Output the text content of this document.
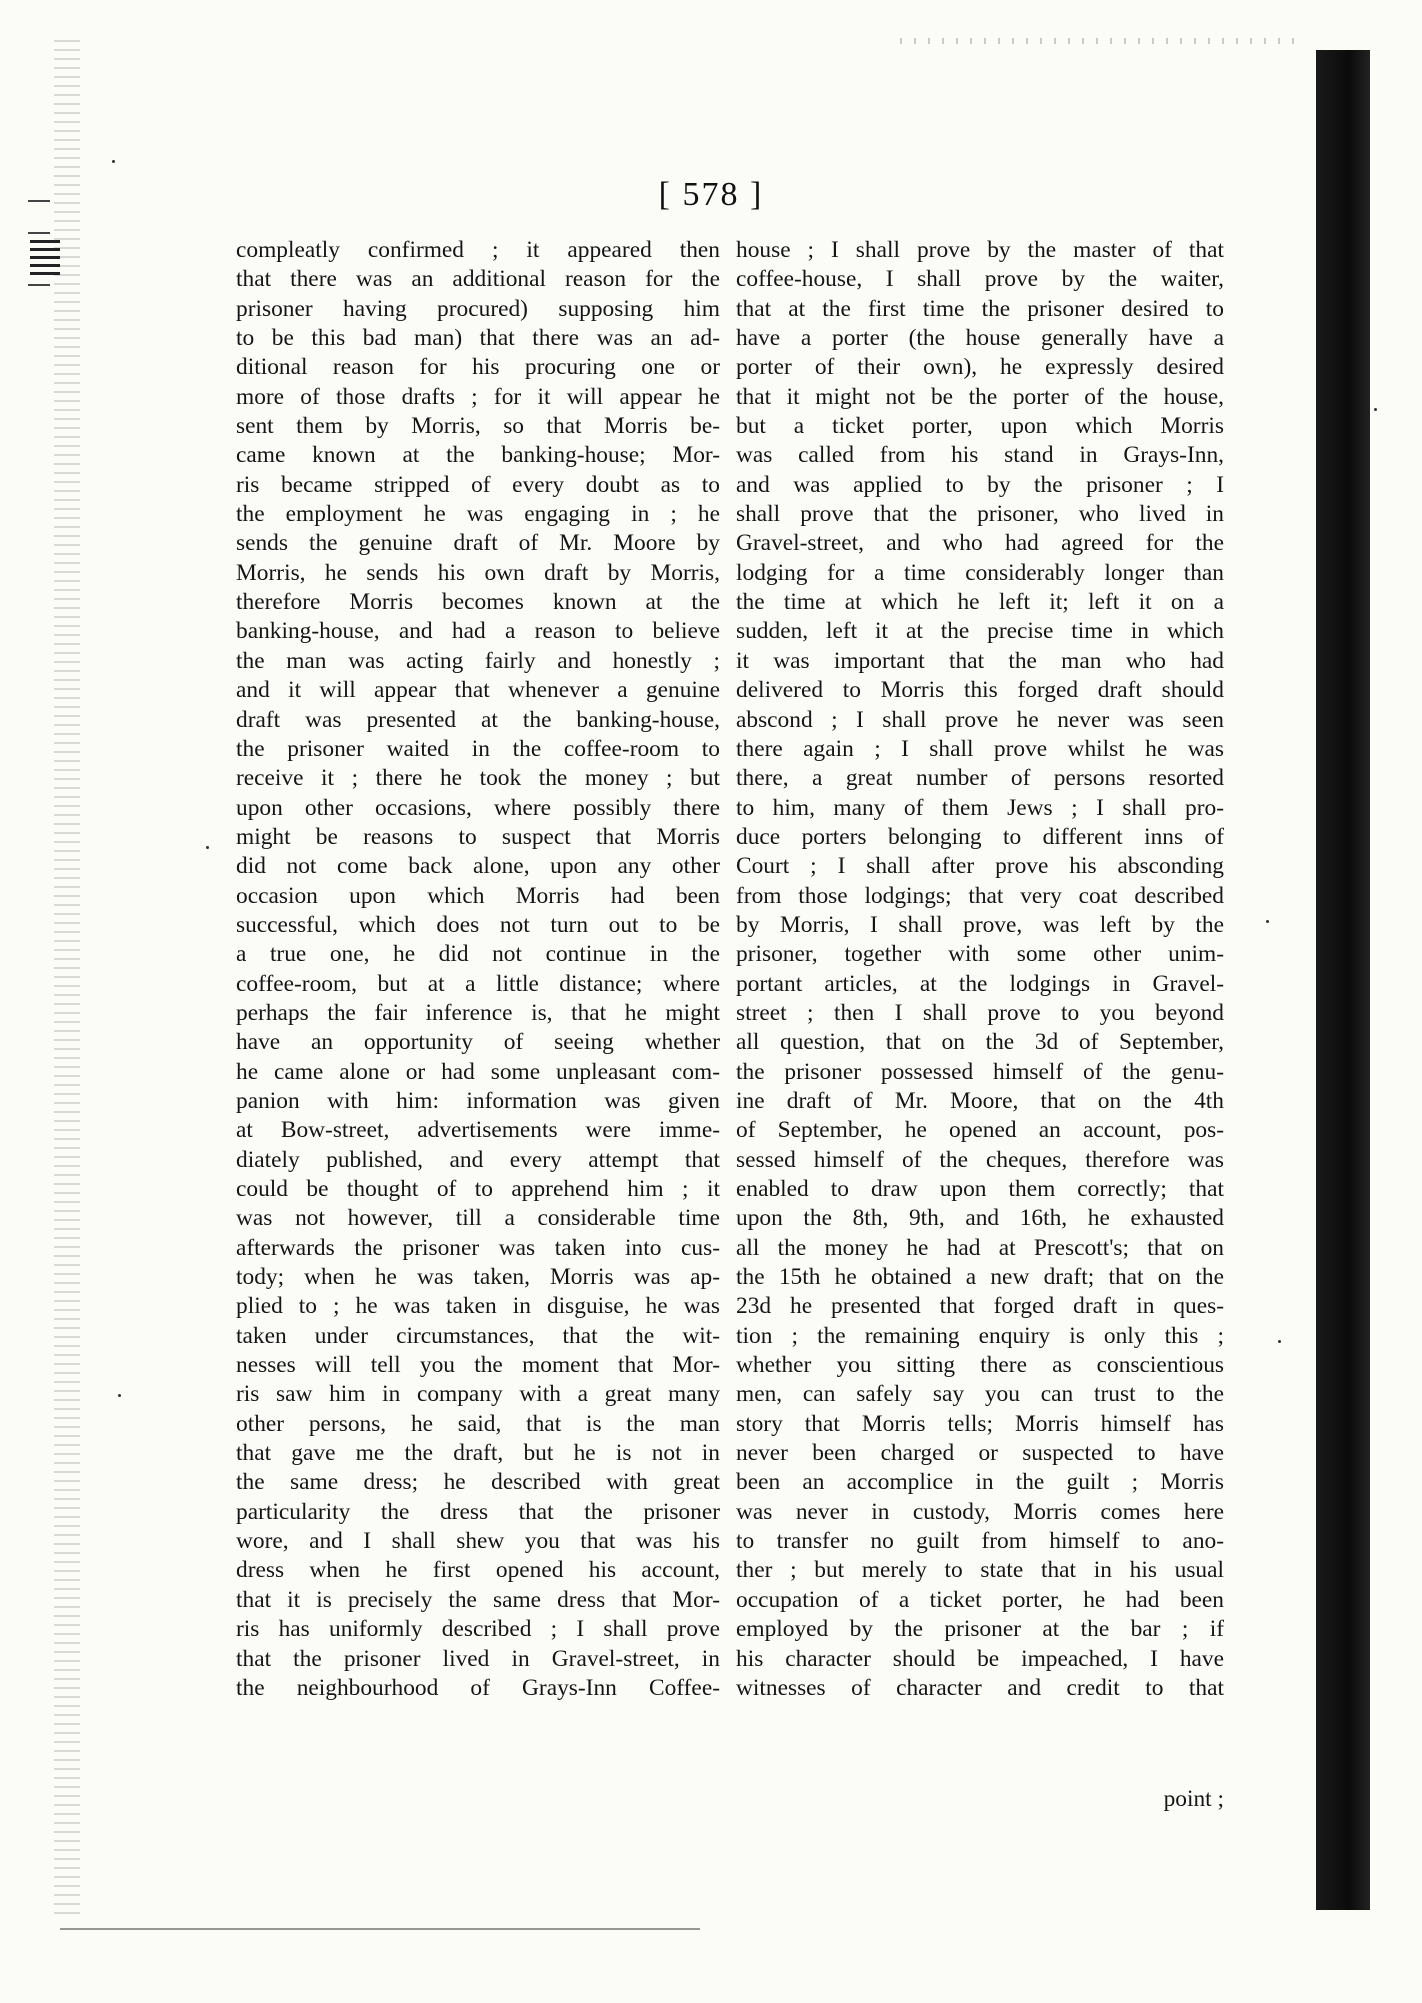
[ 578 ]
compleatly confirmed ; it appeared then
that there was an additional reason for the
prisoner having procured) supposing him
to be this bad man) that there was an ad-
ditional reason for his procuring one or
more of those drafts ; for it will appear he
sent them by Morris, so that Morris be-
came known at the banking-house; Mor-
ris became stripped of every doubt as to
the employment he was engaging in ; he
sends the genuine draft of Mr. Moore by
Morris, he sends his own draft by Morris,
therefore Morris becomes known at the
banking-house, and had a reason to believe
the man was acting fairly and honestly ;
and it will appear that whenever a genuine
draft was presented at the banking-house,
the prisoner waited in the coffee-room to
receive it ; there he took the money ; but
upon other occasions, where possibly there
might be reasons to suspect that Morris
did not come back alone, upon any other
occasion upon which Morris had been
successful, which does not turn out to be
a true one, he did not continue in the
coffee-room, but at a little distance; where
perhaps the fair inference is, that he might
have an opportunity of seeing whether
he came alone or had some unpleasant com-
panion with him: information was given
at Bow-street, advertisements were imme-
diately published, and every attempt that
could be thought of to apprehend him ; it
was not however, till a considerable time
afterwards the prisoner was taken into cus-
tody; when he was taken, Morris was ap-
plied to ; he was taken in disguise, he was
taken under circumstances, that the wit-
nesses will tell you the moment that Mor-
ris saw him in company with a great many
other persons, he said, that is the man
that gave me the draft, but he is not in
the same dress; he described with great
particularity the dress that the prisoner
wore, and I shall shew you that was his
dress when he first opened his account,
that it is precisely the same dress that Mor-
ris has uniformly described ; I shall prove
that the prisoner lived in Gravel-street, in
the neighbourhood of Grays-Inn Coffee-
house ; I shall prove by the master of that
coffee-house, I shall prove by the waiter,
that at the first time the prisoner desired to
have a porter (the house generally have a
porter of their own), he expressly desired
that it might not be the porter of the house,
but a ticket porter, upon which Morris
was called from his stand in Grays-Inn,
and was applied to by the prisoner ; I
shall prove that the prisoner, who lived in
Gravel-street, and who had agreed for the
lodging for a time considerably longer than
the time at which he left it; left it on a
sudden, left it at the precise time in which
it was important that the man who had
delivered to Morris this forged draft should
abscond ; I shall prove he never was seen
there again ; I shall prove whilst he was
there, a great number of persons resorted
to him, many of them Jews ; I shall pro-
duce porters belonging to different inns of
Court ; I shall after prove his absconding
from those lodgings; that very coat described
by Morris, I shall prove, was left by the
prisoner, together with some other unim-
portant articles, at the lodgings in Gravel-
street ; then I shall prove to you beyond
all question, that on the 3d of September,
the prisoner possessed himself of the genu-
ine draft of Mr. Moore, that on the 4th
of September, he opened an account, pos-
sessed himself of the cheques, therefore was
enabled to draw upon them correctly; that
upon the 8th, 9th, and 16th, he exhausted
all the money he had at Prescott's; that on
the 15th he obtained a new draft; that on the
23d he presented that forged draft in ques-
tion ; the remaining enquiry is only this ;
whether you sitting there as conscientious
men, can safely say you can trust to the
story that Morris tells; Morris himself has
never been charged or suspected to have
been an accomplice in the guilt ; Morris
was never in custody, Morris comes here
to transfer no guilt from himself to ano-
ther ; but merely to state that in his usual
occupation of a ticket porter, he had been
employed by the prisoner at the bar ; if
his character should be impeached, I have
witnesses of character and credit to that
point ;
